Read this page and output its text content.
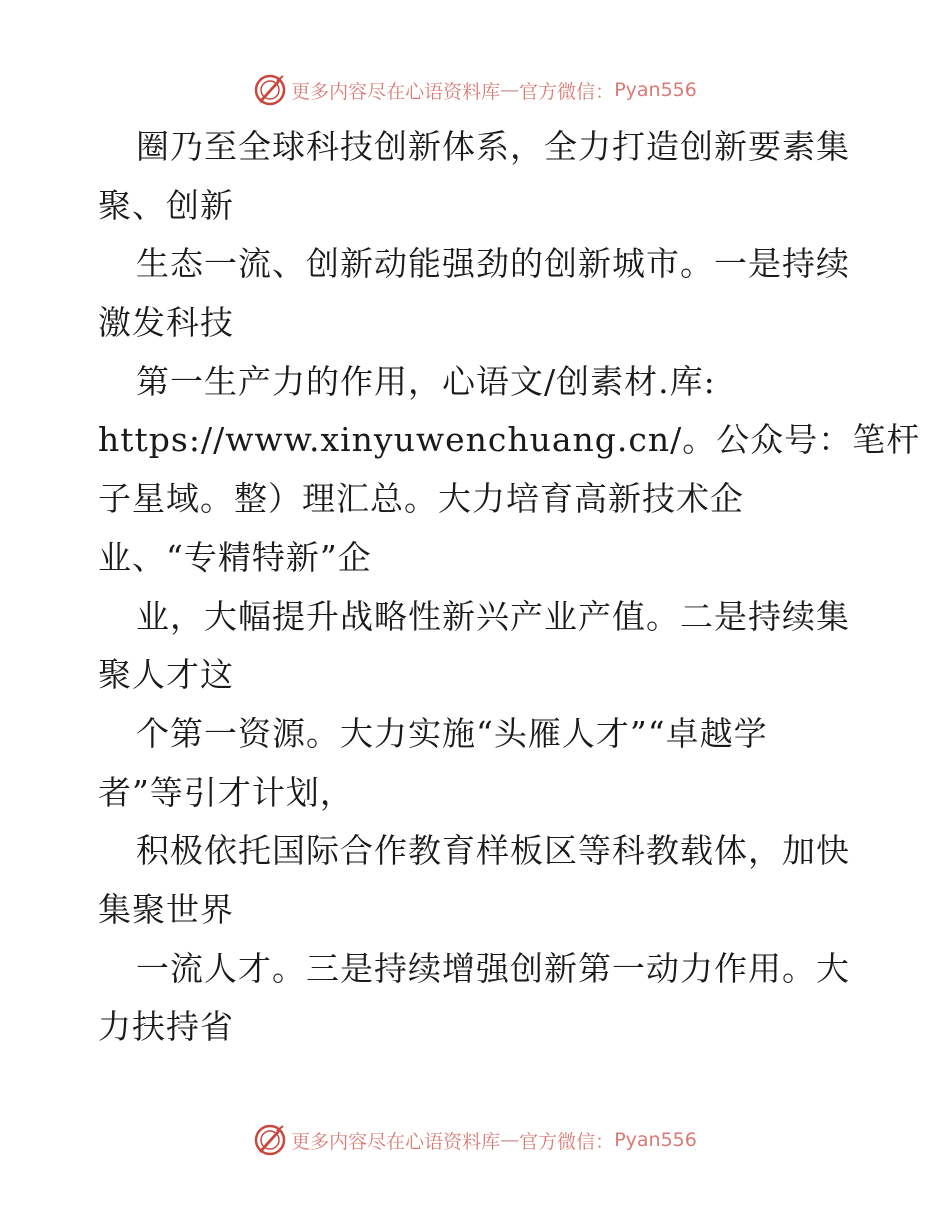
更多内容尽在心语资料库 — 官方微信： Pyan556
圈乃至全球科技创新体系，全力打造创新要素集
聚、创新
生态一流、创新动能强劲的创新城市。一是持续
激发科技
第一生产力的作用，心语文/创素材.库:
https://www.xinyuwenchuang.cn/。公众号：笔杆
子星域。整）理汇总。大力培育高新技术企
业、“专精特新”企
业，大幅提升战略性新兴产业产值。二是持续集
聚人才这
个第一资源。大力实施“头雁人才”“卓越学
者”等引才计划，
积极依托国际合作教育样板区等科教载体，加快
集聚世界
一流人才。三是持续增强创新第一动力作用。大
力扶持省
更多内容尽在心语资料库 — 官方微信： Pyan556
